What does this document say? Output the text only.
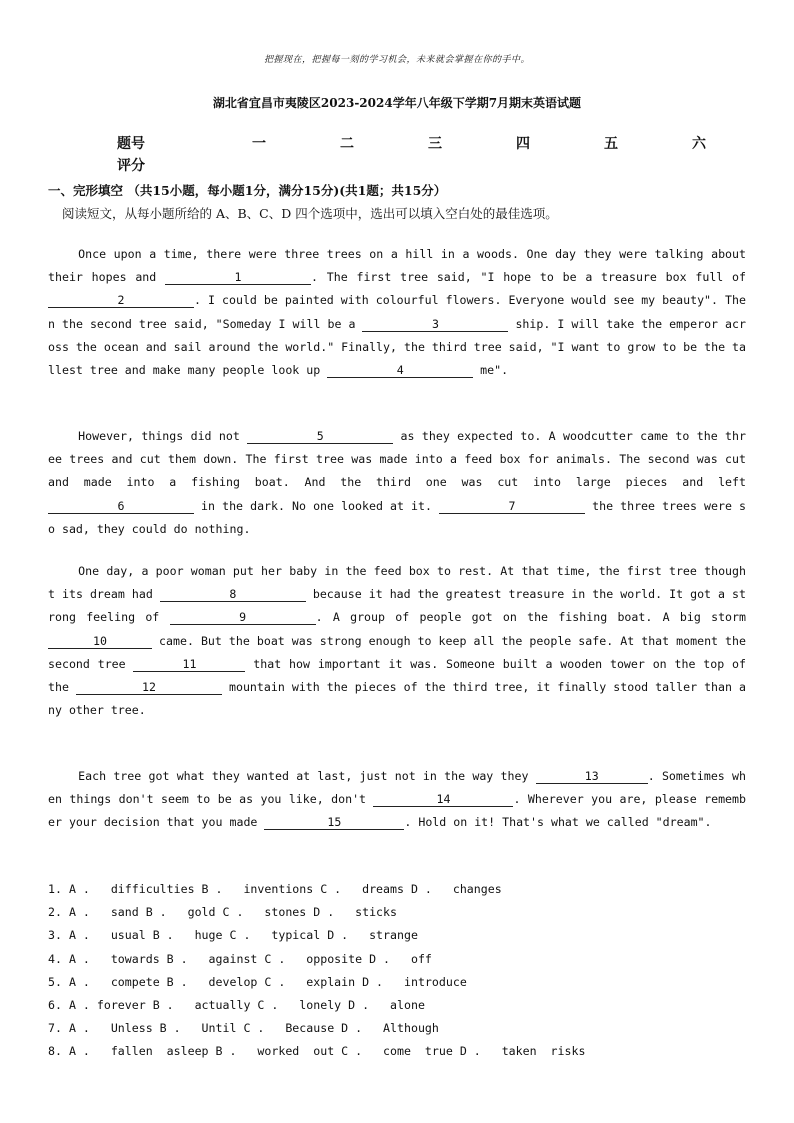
把握现在，把握每一刻的学习机会，未来就会掌握在你的手中。
湖北省宜昌市夷陵区2023-2024学年八年级下学期7月期末英语试题
题号	一	二	三	四	五	六
评分
一、完形填空 （共15小题，每小题1分，满分15分)(共1题；共15分）
阅读短文，从每小题所给的 A、B、C、D 四个选项中，选出可以填入空白处的最佳选项。

Once upon a time, there were three trees on a hill in a woods. One day they were talking about their hopes and	1	. The first tree said, "I hope to be a treasure box full of 2	. I could be painted with colourful flowers. Everyone would see my beauty". Then the second tree said, "Someday I will be a	3	ship. I will take the emperor across the ocean and sail around the world." Finally, the third tree said, "I want to grow to be the tallest tree and make many people look up	4	me".

However, things did not	5	as they expected to. A woodcutter came to the three trees and cut them down. The first tree was made into a feed box for animals. The second was cut and made into a fishing boat. And the third one was cut into large pieces and left 6	in the dark. No one looked at it.	7	the three trees were so sad, they could do nothing.

One day, a poor woman put her baby in the feed box to rest. At that time, the first tree thought its dream had	8	because it had the greatest treasure in the world. It got a strong feeling of	9	. A group of people got on the fishing boat. A big storm 10	came. But the boat was strong enough to keep all the people safe. At that moment the second tree	11	that how important it was. Someone built a wooden tower on the top of the	12	mountain with the pieces of the third tree, it finally stood taller than any other tree.

Each tree got what they wanted at last, just not in the way they	13	. Sometimes when things don't seem to be as you like, don't	14	. Wherever you are, please remember your decision that you made	15	. Hold on it! That's what we called "dream".

1. A .   difficulties B .   inventions C .   dreams D .   changes
2. A .   sand B .   gold C .   stones D .   sticks
3. A .   usual B .   huge C .   typical D .   strange
4. A .   towards B .   against C .   opposite D .   off
5. A .   compete B .   develop C .   explain D .   introduce
6. A . forever B .   actually C .   lonely D .   alone
7. A .   Unless B .   Until C .   Because D .   Although
8. A .   fallen  asleep B .   worked  out C .   come  true D .   taken  risks
